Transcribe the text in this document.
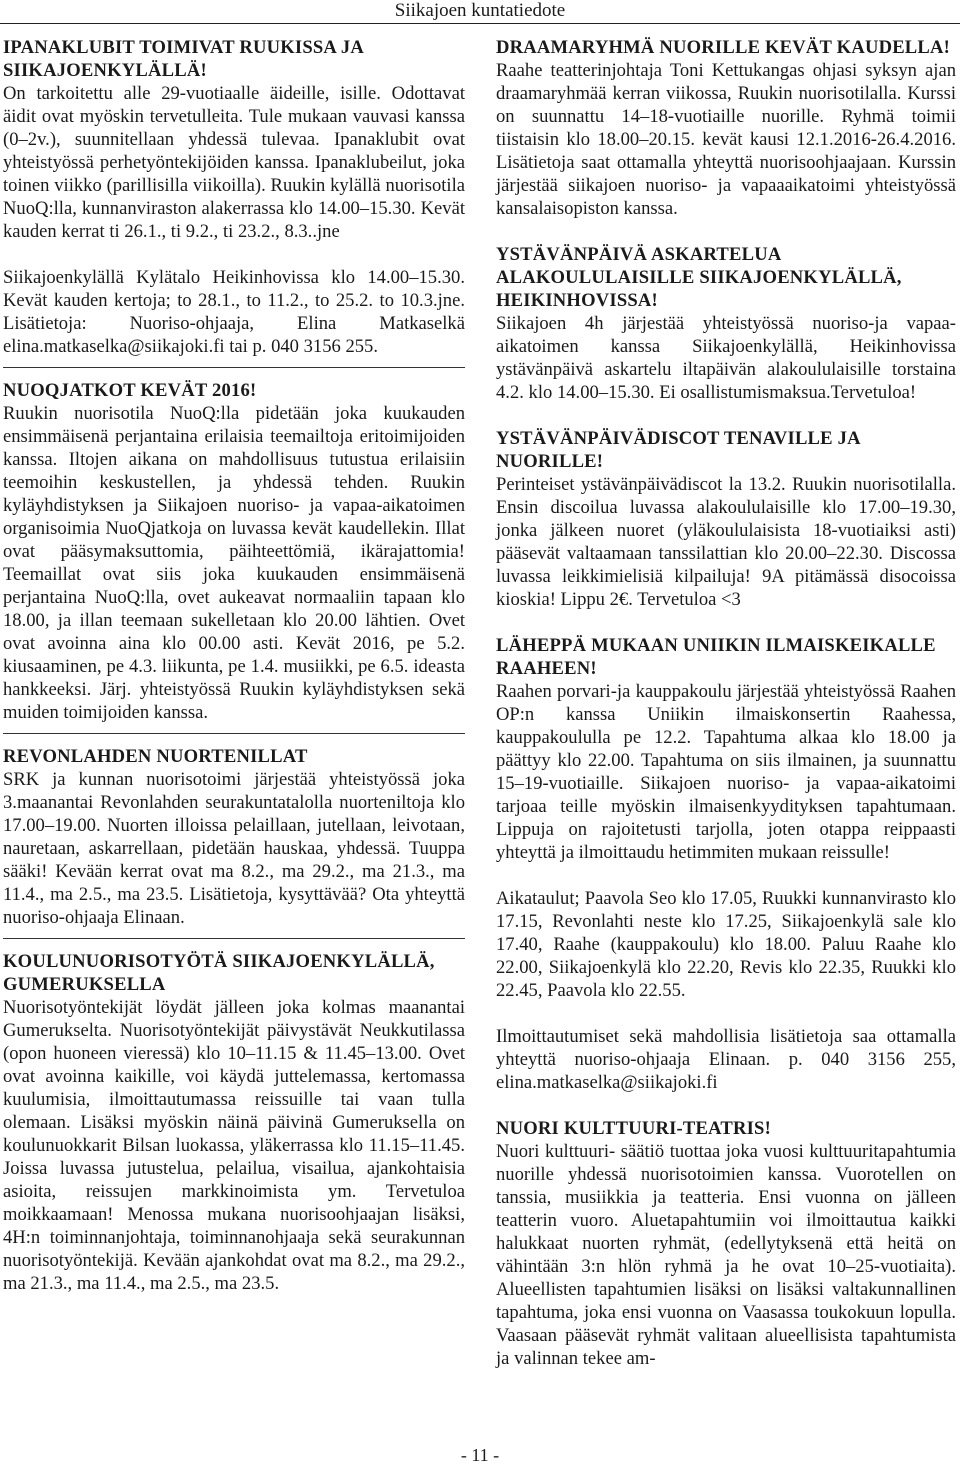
Siikajoen kuntatiedote
IPANAKLUBIT TOIMIVAT RUUKISSA JA SIIKAJOENKYLÄLLÄ!

On tarkoitettu alle 29-vuotiaalle äideille, isille. Odottavat äidit ovat myöskin tervetulleita. Tule mukaan vauvasi kanssa (0–2v.), suunnitellaan yhdessä tulevaa. Ipanaklubit ovat yhteistyössä perhetyöntekijöiden kanssa. Ipanaklubeilut, joka toinen viikko (parillisilla viikoilla). Ruukin kylällä nuorisotila NuoQ:lla, kunnanviraston alakerrassa klo 14.00–15.30. Kevät kauden kerrat ti 26.1., ti 9.2., ti 23.2., 8.3..jne

Siikajoenkylällä Kylätalo Heikinhovissa klo 14.00–15.30. Kevät kauden kertoja; to 28.1., to 11.2., to 25.2. to 10.3.jne. Lisätietoja: Nuoriso-ohjaaja, Elina Matkaselkä elina.matkaselka@siikajoki.fi tai p. 040 3156 255.

NUOQJATKOT KEVÄT 2016!

Ruukin nuorisotila NuoQ:lla pidetään joka kuukauden ensimmäisenä perjantaina erilaisia teemailtoja eritoimijoiden kanssa. Iltojen aikana on mahdollisuus tutustua erilaisiin teemoihin keskustellen, ja yhdessä tehden. Ruukin kyläyhdistyksen ja Siikajoen nuoriso- ja vapaa-aikatoimen organisoimia NuoQjatkoja on luvassa kevät kaudellekin. Illat ovat pääsymaksuttomia, päihteettömiä, ikärajattomia! Teemaillat ovat siis joka kuukauden ensimmäisenä perjantaina NuoQ:lla, ovet aukeavat normaaliin tapaan klo 18.00, ja illan teemaan sukelletaan klo 20.00 lähtien. Ovet ovat avoinna aina klo 00.00 asti. Kevät 2016, pe 5.2. kiusaaminen, pe 4.3. liikunta, pe 1.4. musiikki, pe 6.5. ideasta hankkeeksi. Järj. yhteistyössä Ruukin kyläyhdistyksen sekä muiden toimijoiden kanssa.

REVONLAHDEN NUORTENILLAT

SRK ja kunnan nuorisotoimi järjestää yhteistyössä joka 3.maanantai Revonlahden seurakuntatalolla nuorteniltoja klo 17.00–19.00. Nuorten illoissa pelaillaan, jutellaan, leivotaan, nauretaan, askarrellaan, pidetään hauskaa, yhdessä. Tuuppa sääki! Kevään kerrat ovat ma 8.2., ma 29.2., ma 21.3., ma 11.4., ma 2.5., ma 23.5. Lisätietoja, kysyttävää? Ota yhteyttä nuoriso-ohjaaja Elinaan.

KOULUNUORISOTYÖTÄ SIIKAJOENKYLÄLLÄ, GUMERUKSELLA

Nuorisotyöntekijät löydät jälleen joka kolmas maanantai Gumerukselta. Nuorisotyöntekijät päivystävät Neukkutilassa (opon huoneen vieressä) klo 10–11.15 & 11.45–13.00. Ovet ovat avoinna kaikille, voi käydä juttelemassa, kertomassa kuulumisia, ilmoittautumassa reissuille tai vaan tulla olemaan. Lisäksi myöskin näinä päivinä Gumeruksella on koulunuokkarit Bilsan luokassa, yläkerrassa klo 11.15–11.45. Joissa luvassa jutustelua, pelailua, visailua, ajankohtaisia asioita, reissujen markkinoimista ym. Tervetuloa moikkaamaan! Menossa mukana nuorisoohjaajan lisäksi, 4H:n toiminnanjohtaja, toiminnanohjaaja sekä seurakunnan nuorisotyöntekijä. Kevään ajankohdat ovat ma 8.2., ma 29.2., ma 21.3., ma 11.4., ma 2.5., ma 23.5.

DRAAMARYHMÄ NUORILLE KEVÄT KAUDELLA!

Raahe teatterinjohtaja Toni Kettukangas ohjasi syksyn ajan draamaryhmää kerran viikossa, Ruukin nuorisotilalla. Kurssi on suunnattu 14–18-vuotiaille nuorille. Ryhmä toimii tiistaisin klo 18.00–20.15. kevät kausi 12.1.2016-26.4.2016. Lisätietoja saat ottamalla yhteyttä nuorisoohjaajaan. Kurssin järjestää siikajoen nuoriso- ja vapaaaikatoimi yhteistyössä kansalaisopiston kanssa.

YSTÄVÄNPÄIVÄ ASKARTELUA ALAKOULULAISILLE SIIKAJOENKYLÄLLÄ, HEIKINHOVISSA!

Siikajoen 4h järjestää yhteistyössä nuoriso-ja vapaa-aikatoimen kanssa Siikajoenkylällä, Heikinhovissa ystävänpäivä askartelu iltapäivän alakoululaisille torstaina 4.2. klo 14.00–15.30. Ei osallistumismaksua.Tervetuloa!

YSTÄVÄNPÄIVÄDISCOT TENAVILLE JA NUORILLE!

Perinteiset ystävänpäivädiscot la 13.2. Ruukin nuorisotilalla. Ensin discoilua luvassa alakoululaisille klo 17.00–19.30, jonka jälkeen nuoret (yläkoululaisista 18-vuotiaiksi asti) pääsevät valtaamaan tanssilattian klo 20.00–22.30. Discossa luvassa leikkimielisiä kilpailuja! 9A pitämässä disocoissa kioskia! Lippu 2€. Tervetuloa <3

LÄHEPPÄ MUKAAN UNIIKIN ILMAISKEIKALLE RAAHEEN!

Raahen porvari-ja kauppakoulu järjestää yhteistyössä Raahen OP:n kanssa Uniikin ilmaiskonsertin Raahessa, kauppakoululla pe 12.2. Tapahtuma alkaa klo 18.00 ja päättyy klo 22.00. Tapahtuma on siis ilmainen, ja suunnattu 15–19-vuotiaille. Siikajoen nuoriso- ja vapaa-aikatoimi tarjoaa teille myöskin ilmaisenkyydityksen tapahtumaan. Lippuja on rajoitetusti tarjolla, joten otappa reippaasti yhteyttä ja ilmoittaudu hetimmiten mukaan reissulle!

Aikataulut; Paavola Seo klo 17.05, Ruukki kunnanvirasto klo 17.15, Revonlahti neste klo 17.25, Siikajoenkylä sale klo 17.40, Raahe (kauppakoulu) klo 18.00. Paluu Raahe klo 22.00, Siikajoenkylä klo 22.20, Revis klo 22.35, Ruukki klo 22.45, Paavola klo 22.55.

Ilmoittautumiset sekä mahdollisia lisätietoja saa ottamalla yhteyttä nuoriso-ohjaaja Elinaan. p. 040 3156 255, elina.matkaselka@siikajoki.fi

NUORI KULTTUURI-TEATRIS!

Nuori kulttuuri- säätiö tuottaa joka vuosi kulttuuritapahtumia nuorille yhdessä nuorisotoimien kanssa. Vuorotellen on tanssia, musiikkia ja teatteria. Ensi vuonna on jälleen teatterin vuoro. Aluetapahtumiin voi ilmoittautua kaikki halukkaat nuorten ryhmät, (edellytyksenä että heitä on vähintään 3:n hlön ryhmä ja he ovat 10–25-vuotiaita). Alueellisten tapahtumien lisäksi on lisäksi valtakunnallinen tapahtuma, joka ensi vuonna on Vaasassa toukokuun lopulla. Vaasaan pääsevät ryhmät valitaan alueellisista tapahtumista ja valinnan tekee am-

- 11 -
